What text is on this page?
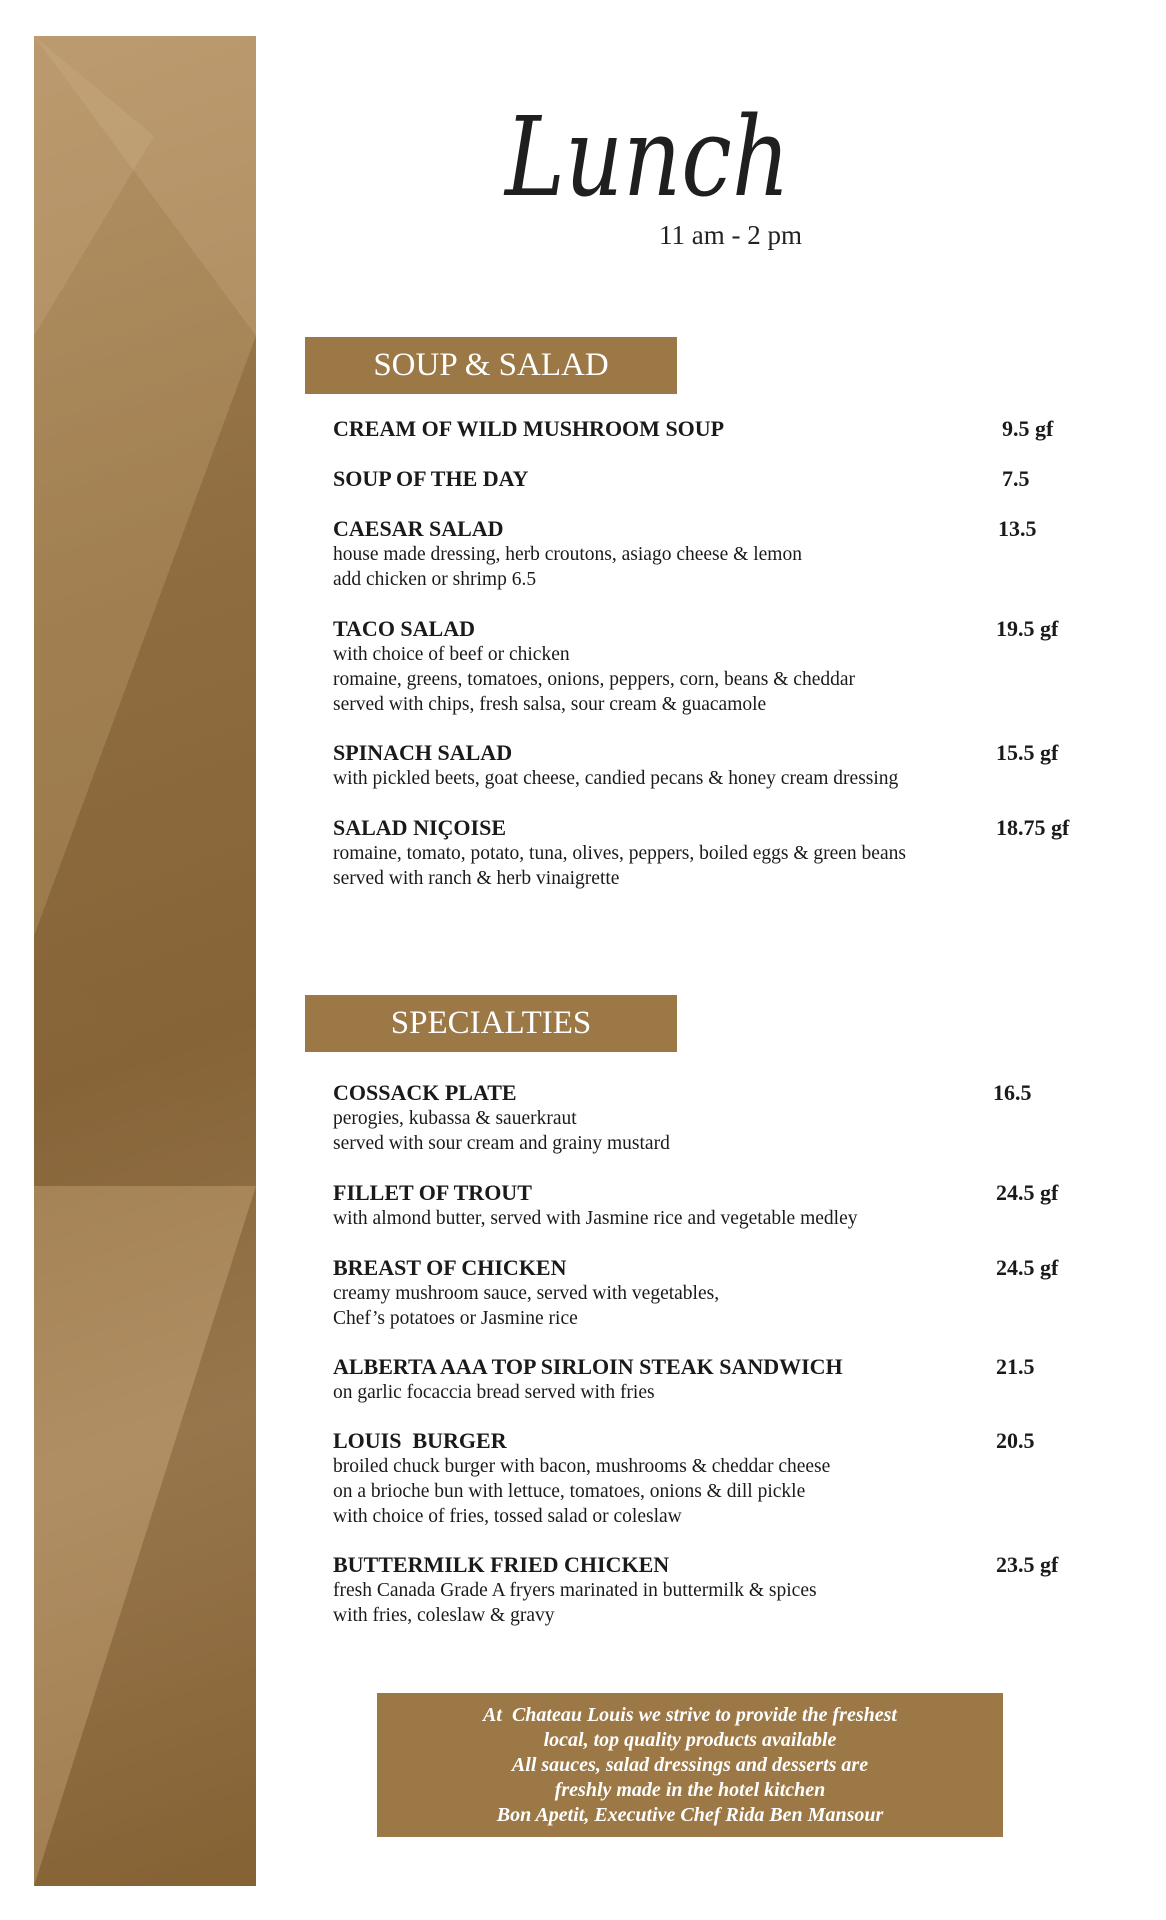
Lunch
11 am - 2 pm
SOUP & SALAD
CREAM OF WILD MUSHROOM SOUP	9.5 gf
SOUP OF THE DAY	7.5
CAESAR SALAD
house made dressing, herb croutons, asiago cheese & lemon
add chicken or shrimp 6.5
13.5
TACO SALAD
with choice of beef or chicken
romaine, greens, tomatoes, onions, peppers, corn, beans & cheddar
served with chips, fresh salsa, sour cream & guacamole
19.5 gf
SPINACH SALAD
with pickled beets, goat cheese, candied pecans & honey cream dressing
15.5 gf
SALAD NIÇOISE
romaine, tomato, potato, tuna, olives, peppers, boiled eggs & green beans
served with ranch & herb vinaigrette
18.75 gf
SPECIALTIES
COSSACK PLATE
perogies, kubassa & sauerkraut
served with sour cream and grainy mustard
16.5
FILLET OF TROUT
with almond butter, served with Jasmine rice and vegetable medley
24.5 gf
BREAST OF CHICKEN
creamy mushroom sauce, served with vegetables,
Chef’s potatoes or Jasmine rice
24.5 gf
ALBERTA AAA TOP SIRLOIN STEAK SANDWICH
on garlic focaccia bread served with fries
21.5
LOUIS  BURGER
broiled chuck burger with bacon, mushrooms & cheddar cheese
on a brioche bun with lettuce, tomatoes, onions & dill pickle
with choice of fries, tossed salad or coleslaw
20.5
BUTTERMILK FRIED CHICKEN
fresh Canada Grade A fryers marinated in buttermilk & spices
with fries, coleslaw & gravy
23.5 gf
At  Chateau Louis we strive to provide the freshest
local, top quality products available
All sauces, salad dressings and desserts are
freshly made in the hotel kitchen
Bon Apetit, Executive Chef Rida Ben Mansour
